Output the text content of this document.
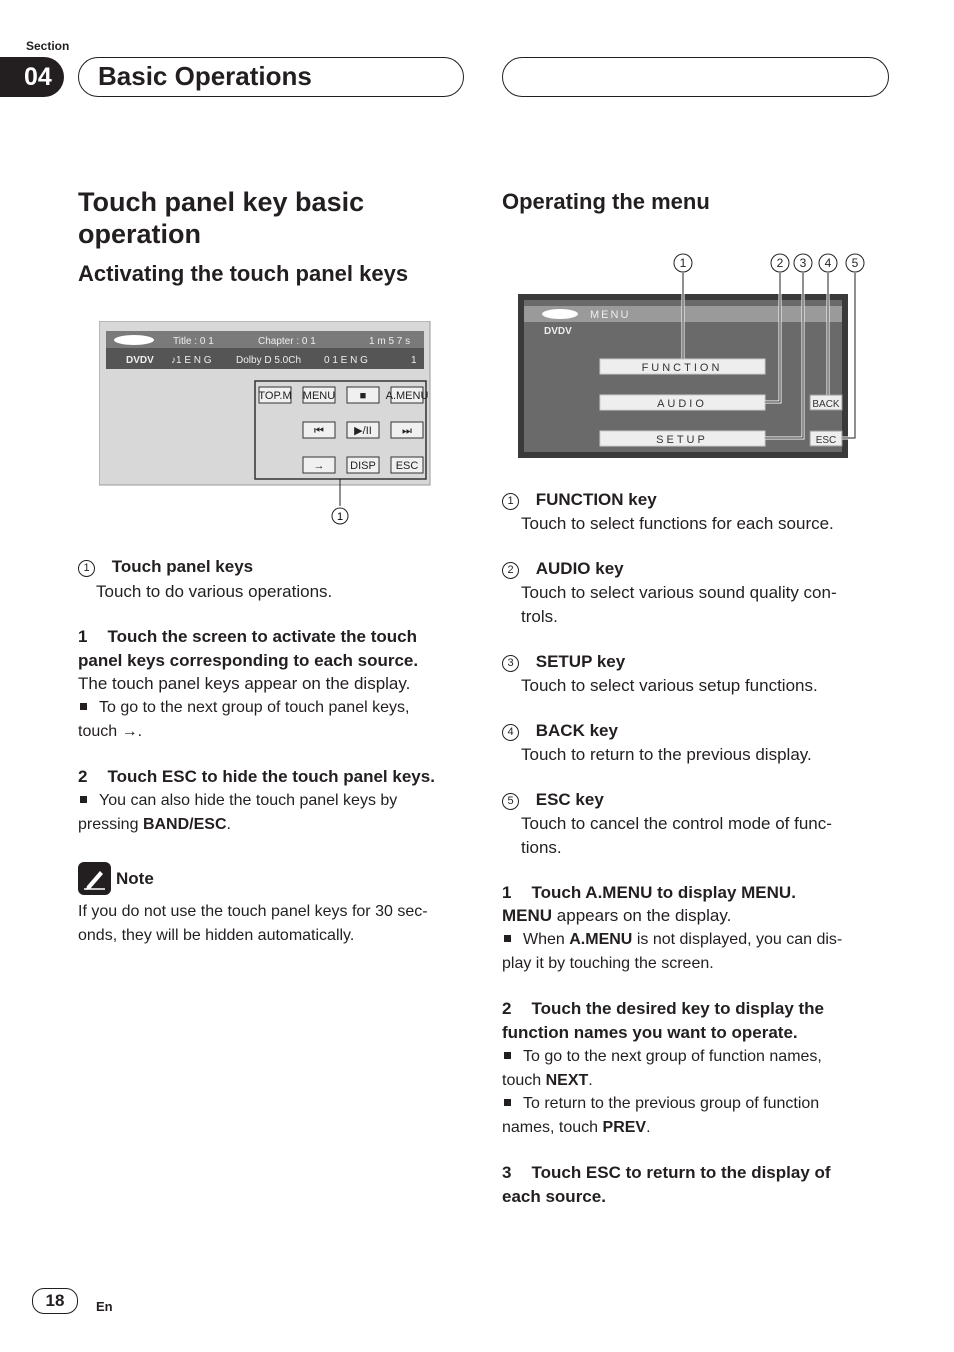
Section
04	Basic Operations
Touch panel key basic operation
Activating the touch panel keys
Title : 0 1	Chapter : 0 1	1 m 5 7 s
DVDV ♪1 E N G Dolby D 5.0Ch 0 1 E N G	1
TOP.M MENU ■ A.MENU
⏮	▶/II	⏭
→ DISP ESC
1
1 Touch panel keys
Touch to do various operations.
1 Touch the screen to activate the touch
panel keys corresponding to each source.
The touch panel keys appear on the display.
To go to the next group of touch panel keys,
touch →.
2 Touch ESC to hide the touch panel keys.
You can also hide the touch panel keys by
pressing BAND/ESC.
Note
If you do not use the touch panel keys for 30 sec-
onds, they will be hidden automatically.
Operating the menu
1	2 3 4 5
MENU
DVDV
FUNCTION
AUDIO
SETUP
BACK
ESC
1 FUNCTION key
Touch to select functions for each source.
2 AUDIO key
Touch to select various sound quality con-
trols.
3 SETUP key
Touch to select various setup functions.
4 BACK key
Touch to return to the previous display.
5 ESC key
Touch to cancel the control mode of func-
tions.
1 Touch A.MENU to display MENU.
MENU appears on the display.
When A.MENU is not displayed, you can dis-
play it by touching the screen.
2 Touch the desired key to display the
function names you want to operate.
To go to the next group of function names,
touch NEXT.
To return to the previous group of function
names, touch PREV.
3 Touch ESC to return to the display of
each source.
18	En
